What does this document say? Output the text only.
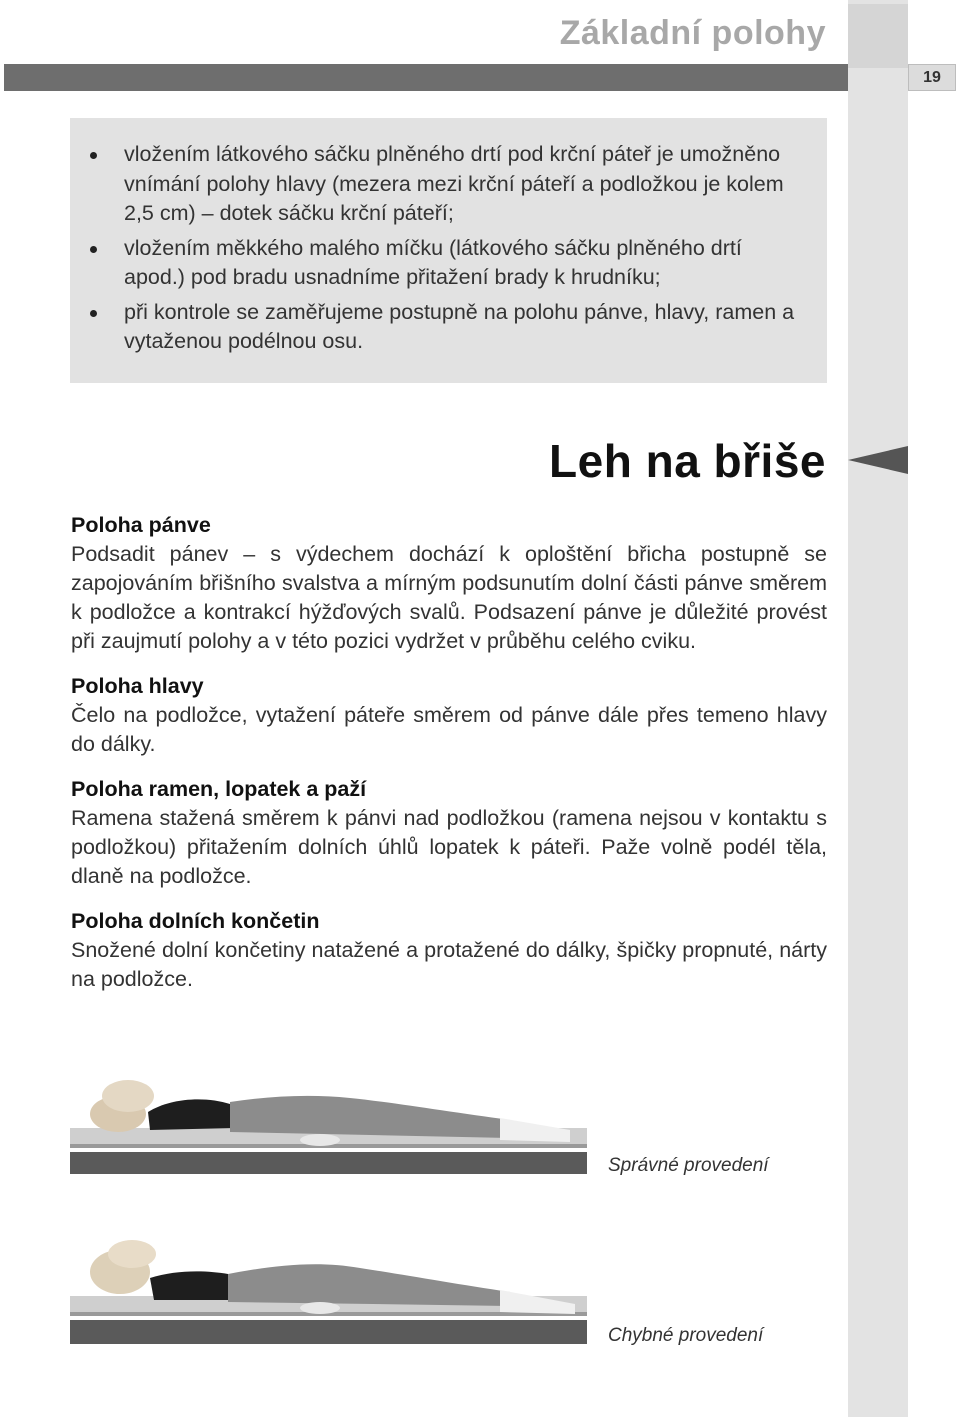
Základní polohy
19
vložením látkového sáčku plněného drtí pod krční páteř je umožněno vnímání polohy hlavy (mezera mezi krční páteří a podložkou je kolem 2,5 cm) – dotek sáčku krční páteří;
vložením měkkého malého míčku (látkového sáčku plněného drtí apod.) pod bradu usnadníme přitažení brady k hrudníku;
při kontrole se zaměřujeme postupně na polohu pánve, hlavy, ramen a vytaženou podélnou osu.
Leh na břiše

Poloha pánve

Podsadit pánev – s výdechem dochází k oploštění břicha postupně se zapojováním břišního svalstva a mírným podsunutím dolní části pánve směrem k podložce a kontrakcí hýžďových svalů. Podsazení pánve je důležité provést při zaujmutí polohy a v této pozici vydržet v průběhu celého cviku.

Poloha hlavy

Čelo na podložce, vytažení páteře směrem od pánve dále přes temeno hlavy do dálky.

Poloha ramen, lopatek a paží

Ramena stažená směrem k pánvi nad podložkou (ramena nejsou v kontaktu s podložkou) přitažením dolních úhlů lopatek k páteři. Paže volně podél těla, dlaně na podložce.

Poloha dolních končetin

Snožené dolní končetiny natažené a protažené do dálky, špičky propnuté, nárty na podložce.

Správné provedení
Chybné provedení
